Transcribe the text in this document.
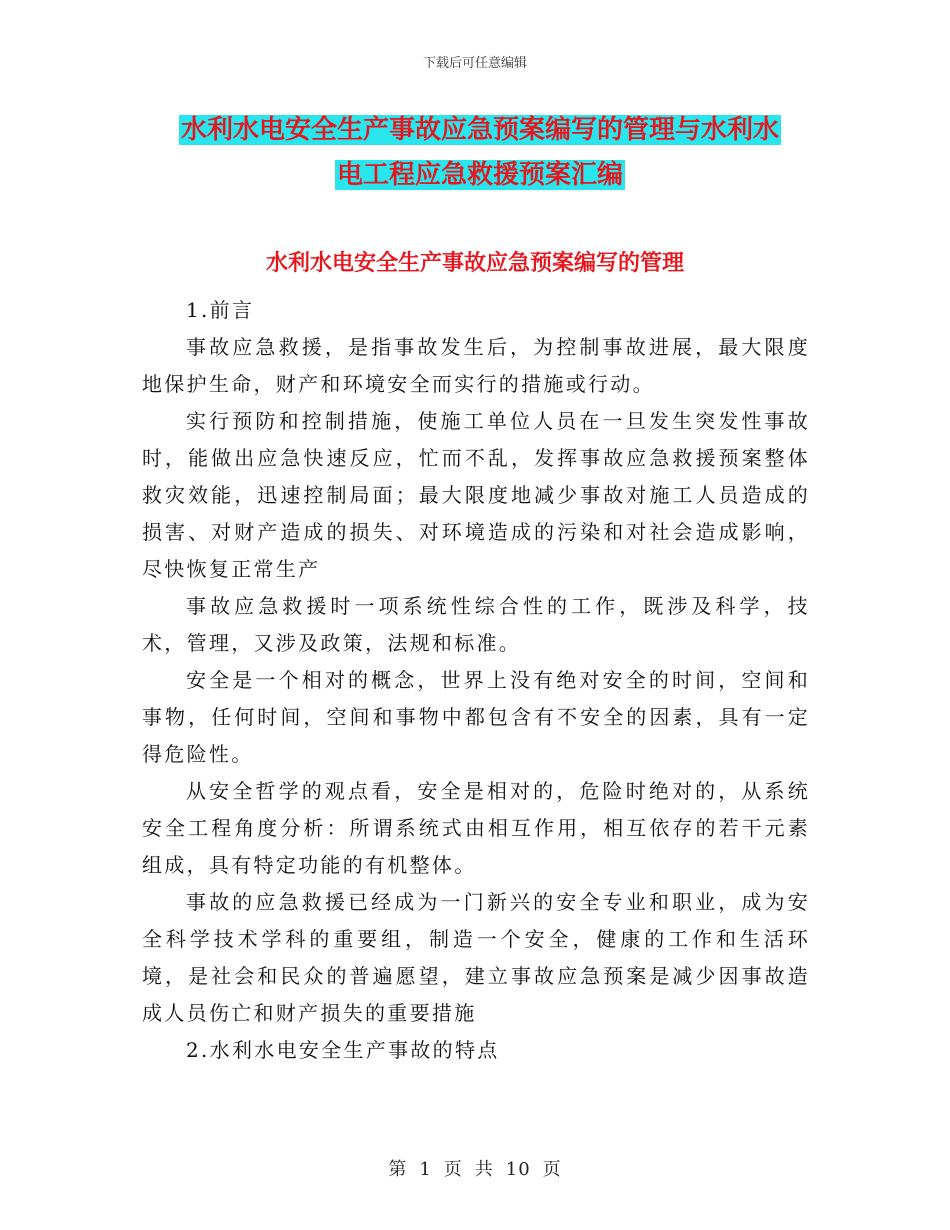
下载后可任意编辑
水利水电安全生产事故应急预案编写的管理与水利水
电工程应急救援预案汇编
水利水电安全生产事故应急预案编写的管理

1.前言

事故应急救援，是指事故发生后，为控制事故进展，最大限度地保护生命，财产和环境安全而实行的措施或行动。

实行预防和控制措施，使施工单位人员在一旦发生突发性事故时，能做出应急快速反应，忙而不乱，发挥事故应急救援预案整体救灾效能，迅速控制局面；最大限度地减少事故对施工人员造成的损害、对财产造成的损失、对环境造成的污染和对社会造成影响，尽快恢复正常生产

事故应急救援时一项系统性综合性的工作，既涉及科学，技术，管理，又涉及政策，法规和标准。

安全是一个相对的概念，世界上没有绝对安全的时间，空间和事物，任何时间，空间和事物中都包含有不安全的因素，具有一定得危险性。

从安全哲学的观点看，安全是相对的，危险时绝对的，从系统安全工程角度分析：所谓系统式由相互作用，相互依存的若干元素组成，具有特定功能的有机整体。

事故的应急救援已经成为一门新兴的安全专业和职业，成为安全科学技术学科的重要组，制造一个安全，健康的工作和生活环境，是社会和民众的普遍愿望，建立事故应急预案是减少因事故造成人员伤亡和财产损失的重要措施

2.水利水电安全生产事故的特点

第 1 页 共 10 页
